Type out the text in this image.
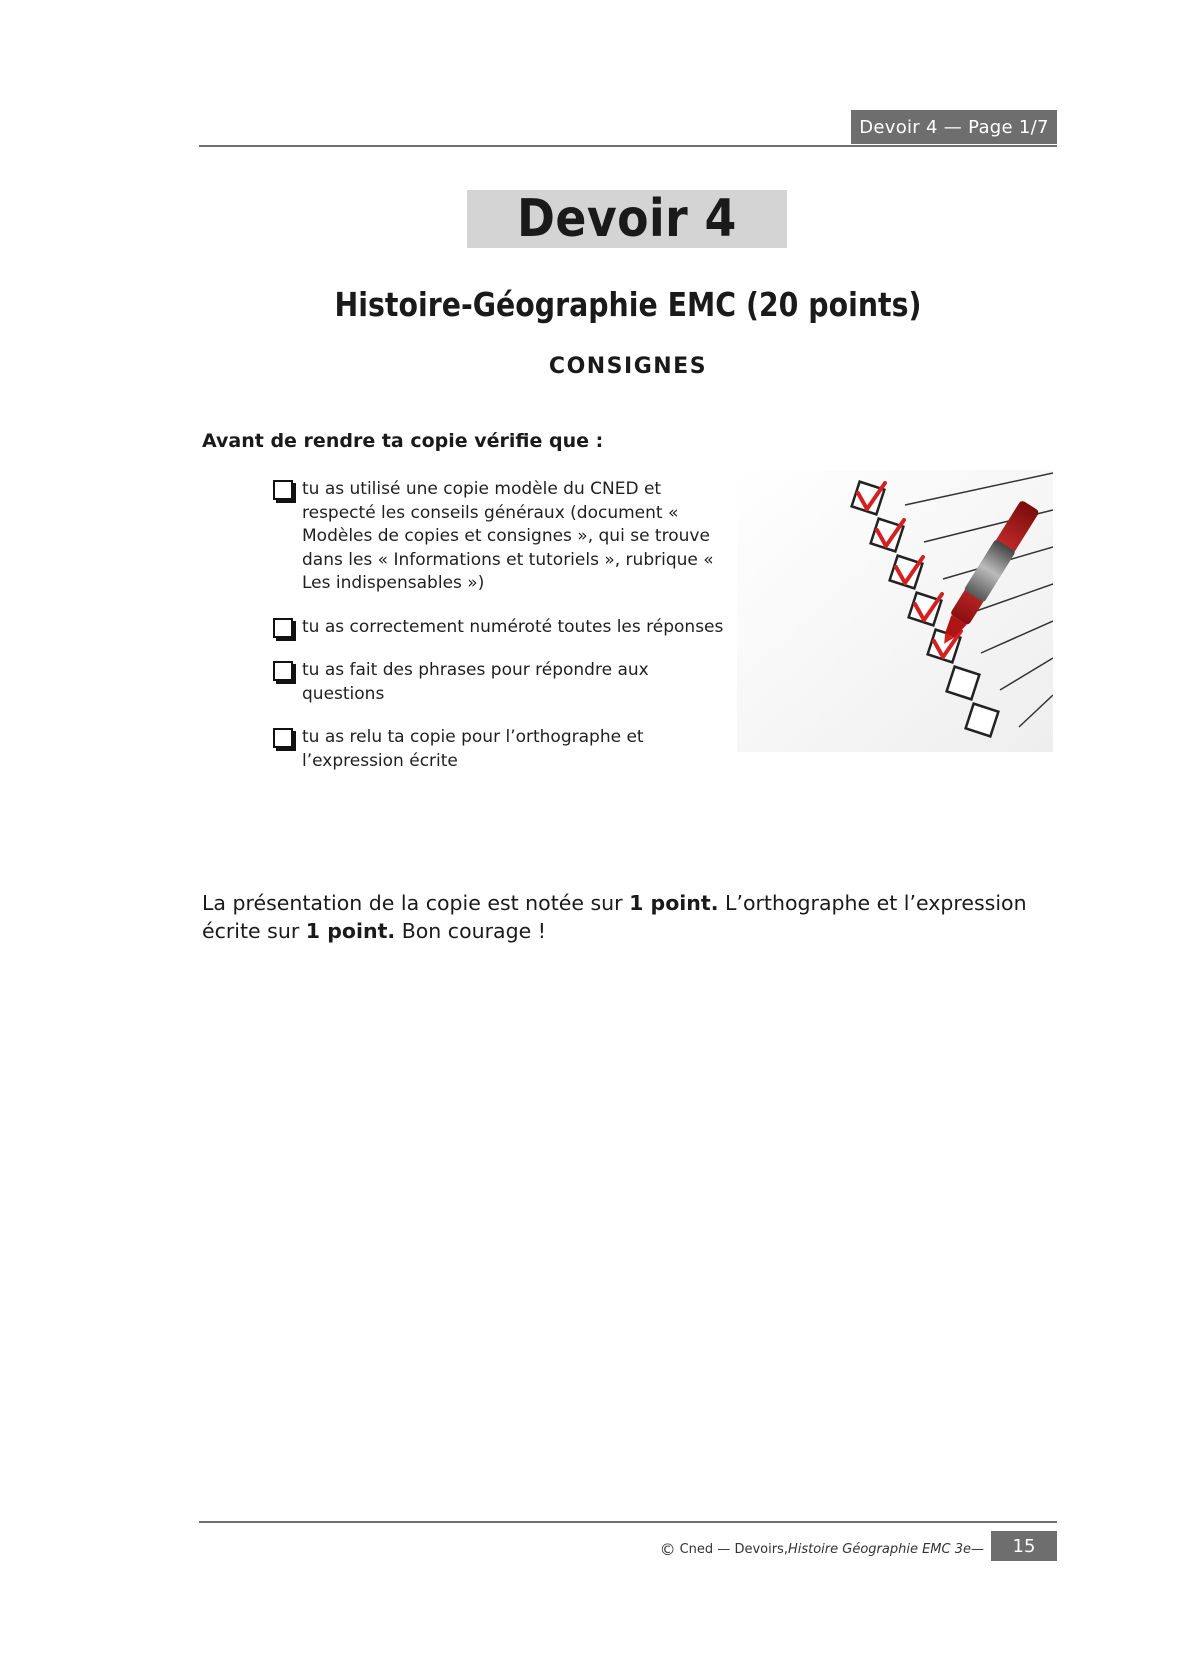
Devoir 4 — Page 1/7
Devoir 4
Histoire-Géographie EMC (20 points)
CONSIGNES
Avant de rendre ta copie vérifie que :
tu as utilisé une copie modèle du CNED et respecté les conseils généraux (document « Modèles de copies et consignes », qui se trouve dans les « Informations et tutoriels », rubrique « Les indispensables »)
tu as correctement numéroté toutes les réponses
tu as fait des phrases pour répondre aux questions
tu as relu ta copie pour l’orthographe et l’expression écrite

La présentation de la copie est notée sur 1 point. L’orthographe et l’expression écrite sur 1 point. Bon courage !

© Cned — Devoirs, Histoire Géographie EMC 3e —	15
